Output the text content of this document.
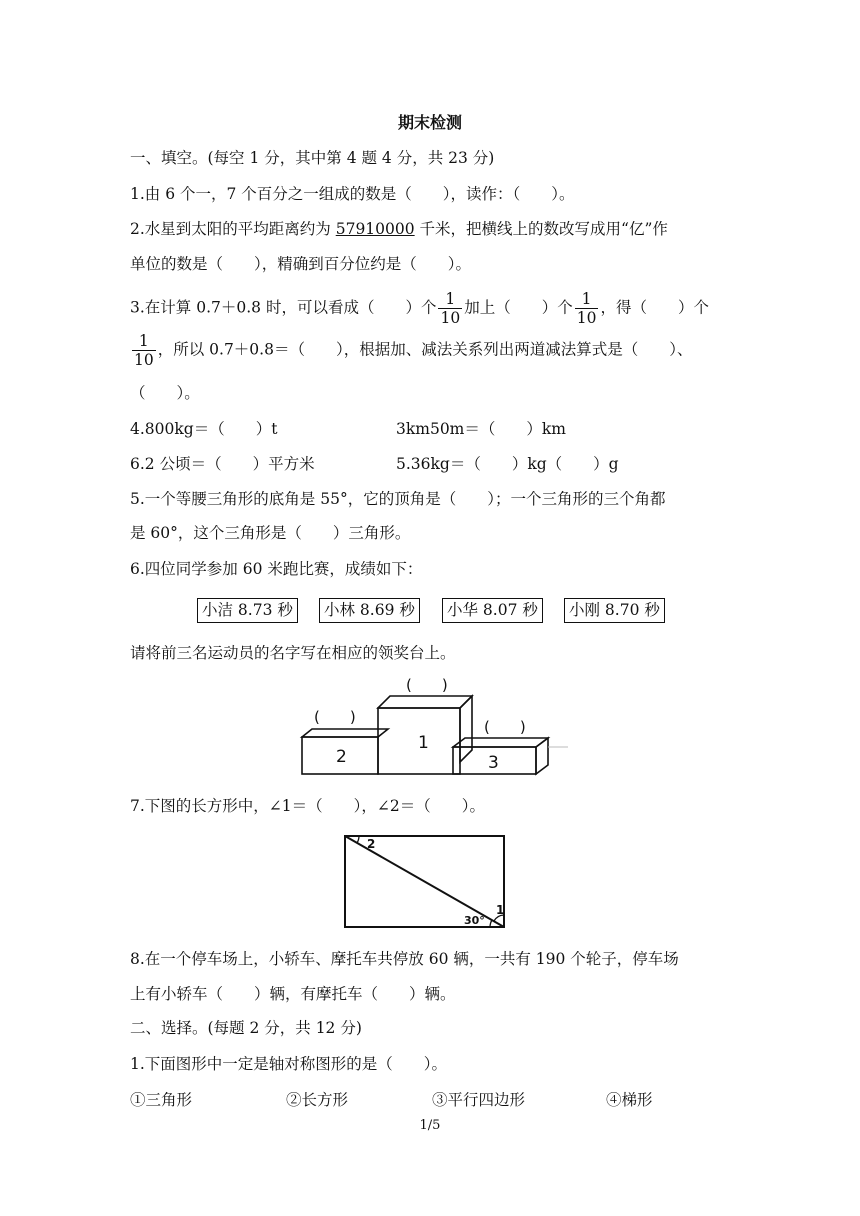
期末检测
一、填空。(每空 1 分，其中第 4 题 4 分，共 23 分)
1.由 6 个一，7 个百分之一组成的数是（　　），读作：（　　）。
2.水星到太阳的平均距离约为 57910000 千米，把横线上的数改写成用“亿”作
单位的数是（　　），精确到百分位约是（　　）。
3.在计算 0.7＋0.8 时，可以看成（　　）个 $\frac{1}{10}$ 加上（　　）个 $\frac{1}{10}$ ，得（　　）个
$\frac{1}{10}$ ，所以 0.7＋0.8＝（　　），根据加、减法关系列出两道减法算式是（　　）、
（　　）。
4.800kg＝（　　）t	3km50m＝（　　）km
6.2 公顷＝（　　）平方米	5.36kg＝（　　）kg（　　）g
5.一个等腰三角形的底角是 55°，它的顶角是（　　）；一个三角形的三个角都
是 60°，这个三角形是（　　）三角形。
6.四位同学参加 60 米跑比赛，成绩如下：
小洁 8.73 秒	小林 8.69 秒	小华 8.07 秒	小刚 8.70 秒
请将前三名运动员的名字写在相应的领奖台上。
1
2	3
(　　)
(　　)
(　　)
7.下图的长方形中，∠1＝（　　），∠2＝（　　）。
2
1
30°
8.在一个停车场上，小轿车、摩托车共停放 60 辆，一共有 190 个轮子，停车场
上有小轿车（　　）辆，有摩托车（　　）辆。
二、选择。(每题 2 分，共 12 分)
1.下面图形中一定是轴对称图形的是（　　）。
①三角形	②长方形	③平行四边形	④梯形
1/5
